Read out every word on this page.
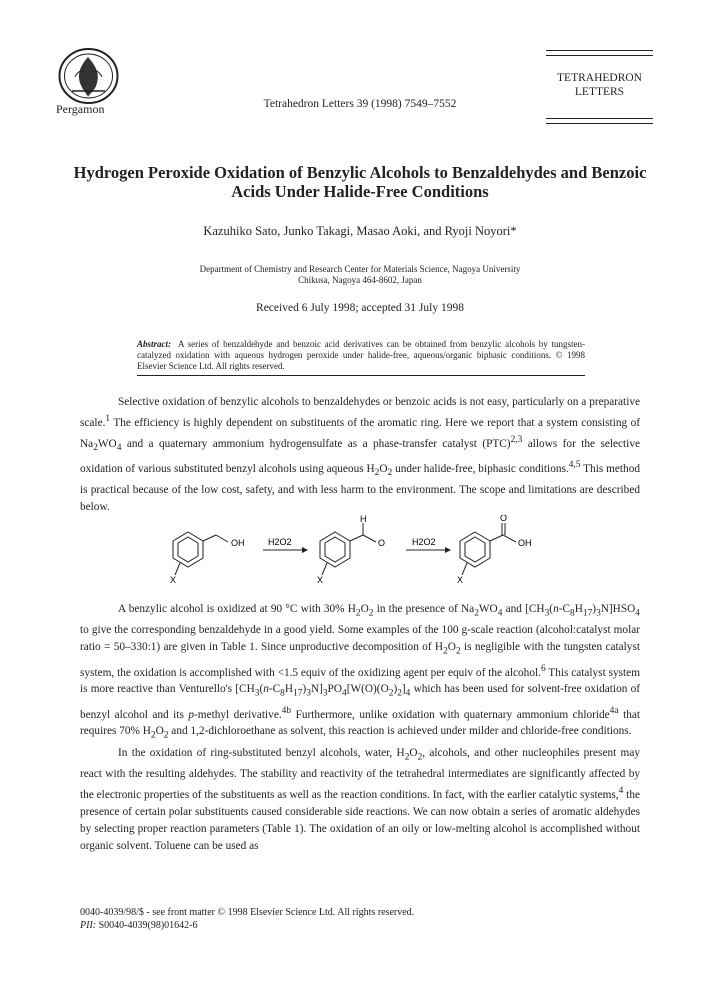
Pergamon	Tetrahedron Letters 39 (1998) 7549–7552
TETRAHEDRON LETTERS
Hydrogen Peroxide Oxidation of Benzylic Alcohols to Benzaldehydes and Benzoic Acids Under Halide-Free Conditions
Kazuhiko Sato, Junko Takagi, Masao Aoki, and Ryoji Noyori*
Department of Chemistry and Research Center for Materials Science, Nagoya University
Chikusa, Nagoya 464-8602, Japan
Received 6 July 1998; accepted 31 July 1998
Abstract: A series of benzaldehyde and benzoic acid derivatives can be obtained from benzylic alcohols by tungsten-catalyzed oxidation with aqueous hydrogen peroxide under halide-free, aqueous/organic biphasic conditions. © 1998 Elsevier Science Ltd. All rights reserved.

Selective oxidation of benzylic alcohols to benzaldehydes or benzoic acids is not easy, particularly on a preparative scale.$^1$ The efficiency is highly dependent on substituents of the aromatic ring. Here we report that a system consisting of $Na_2WO_4$ and a quaternary ammonium hydrogensulfate as a phase-transfer catalyst (PTC)$^{2,3}$ allows for the selective oxidation of various substituted benzyl alcohols using aqueous $H_2O_2$ under halide-free, biphasic conditions.$^{4,5}$ This method is practical because of the low cost, safety, and with less harm to the environment. The scope and limitations are described below.

OH
X
H2O2
H
O
X
H2O2
O
OH
X

A benzylic alcohol is oxidized at 90 °C with 30% $H_2O_2$ in the presence of $Na_2WO_4$ and $[CH_3(n-C_8H_{17})_3N]HSO_4$ to give the corresponding benzaldehyde in a good yield. Some examples of the 100 g-scale reaction (alcohol:catalyst molar ratio = 50–330:1) are given in Table 1. Since unproductive decomposition of $H_2O_2$ is negligible with the tungsten catalyst system, the oxidation is accomplished with <1.5 equiv of the oxidizing agent per equiv of the alcohol.$^6$ This catalyst system is more reactive than Venturello's $[CH_3(n-C_8H_{17})_3N]_3PO_4[W(O)(O_2)_2]_4$ which has been used for solvent-free oxidation of benzyl alcohol and its p-methyl derivative.$^{4b}$ Furthermore, unlike oxidation with quaternary ammonium chloride$^{4a}$ that requires 70% $H_2O_2$ and 1,2-dichloroethane as solvent, this reaction is achieved under milder and chloride-free conditions.

In the oxidation of ring-substituted benzyl alcohols, water, $H_2O_2$, alcohols, and other nucleophiles present may react with the resulting aldehydes. The stability and reactivity of the tetrahedral intermediates are significantly affected by the electronic properties of the substituents as well as the reaction conditions. In fact, with the earlier catalytic systems,$^4$ the presence of certain polar substituents caused considerable side reactions. We can now obtain a series of aromatic aldehydes by selecting proper reaction parameters (Table 1). The oxidation of an oily or low-melting alcohol is accomplished without organic solvent. Toluene can be used as

0040-4039/98/$ - see front matter © 1998 Elsevier Science Ltd. All rights reserved.
PII: S0040-4039(98)01642-6
